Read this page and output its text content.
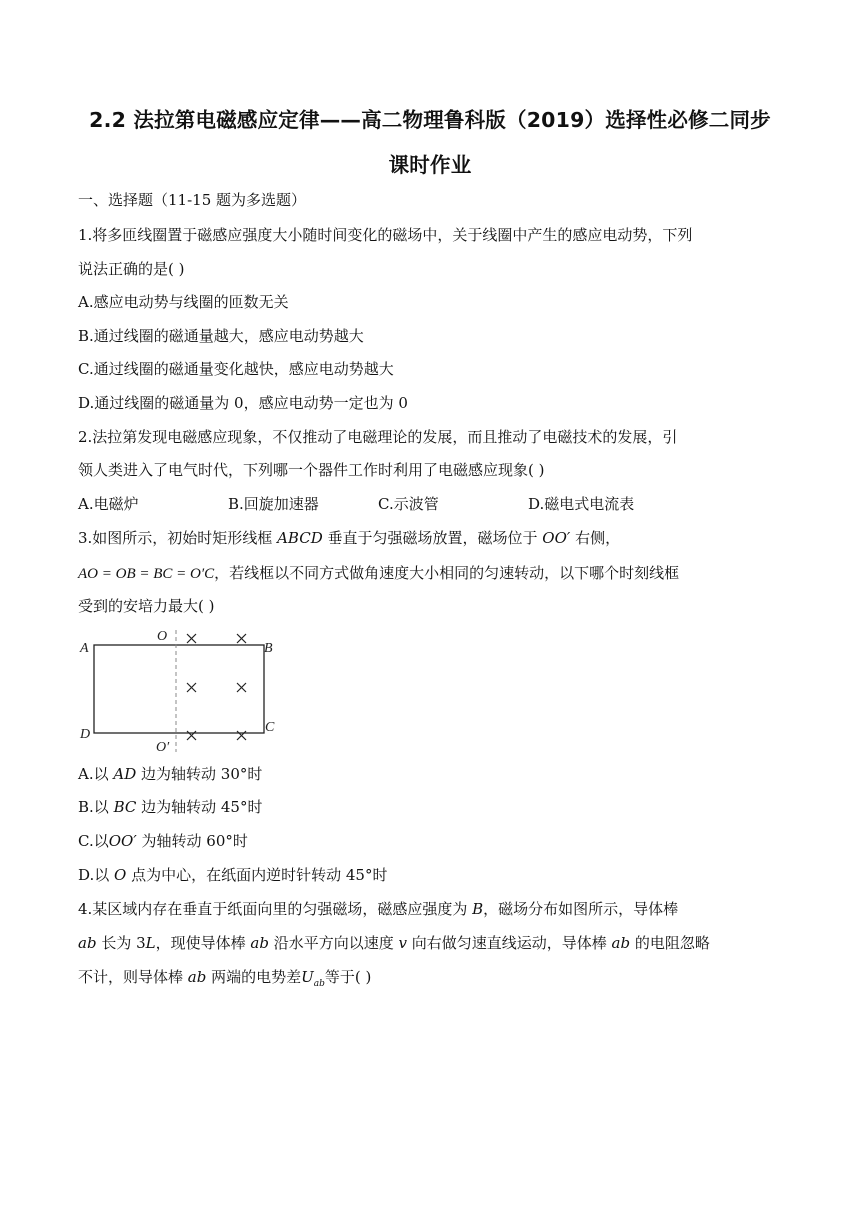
2.2 法拉第电磁感应定律——高二物理鲁科版（2019）选择性必修二同步
课时作业
一、选择题（11-15 题为多选题）
1.将多匝线圈置于磁感应强度大小随时间变化的磁场中，关于线圈中产生的感应电动势，下列
说法正确的是( )
A.感应电动势与线圈的匝数无关
B.通过线圈的磁通量越大，感应电动势越大
C.通过线圈的磁通量变化越快，感应电动势越大
D.通过线圈的磁通量为 0，感应电动势一定也为 0
2.法拉第发现电磁感应现象，不仅推动了电磁理论的发展，而且推动了电磁技术的发展，引
领人类进入了电气时代，下列哪一个器件工作时利用了电磁感应现象( )
A.电磁炉	B.回旋加速器	C.示波管	D.磁电式电流表
3.如图所示，初始时矩形线框 ABCD 垂直于匀强磁场放置，磁场位于 OO′ 右侧，
AO = OB = BC = O′C，若线框以不同方式做角速度大小相同的匀速转动，以下哪个时刻线框
受到的安培力最大( )
A	B
C
D
O
O′
A.以 AD 边为轴转动 30°时
B.以 BC 边为轴转动 45°时
C.以OO′ 为轴转动 60°时
D.以 O 点为中心，在纸面内逆时针转动 45°时
4.某区域内存在垂直于纸面向里的匀强磁场，磁感应强度为 B，磁场分布如图所示，导体棒
ab 长为 3L，现使导体棒 ab 沿水平方向以速度 v 向右做匀速直线运动，导体棒 ab 的电阻忽略
不计，则导体棒 ab 两端的电势差$U_{ab}$等于( )
